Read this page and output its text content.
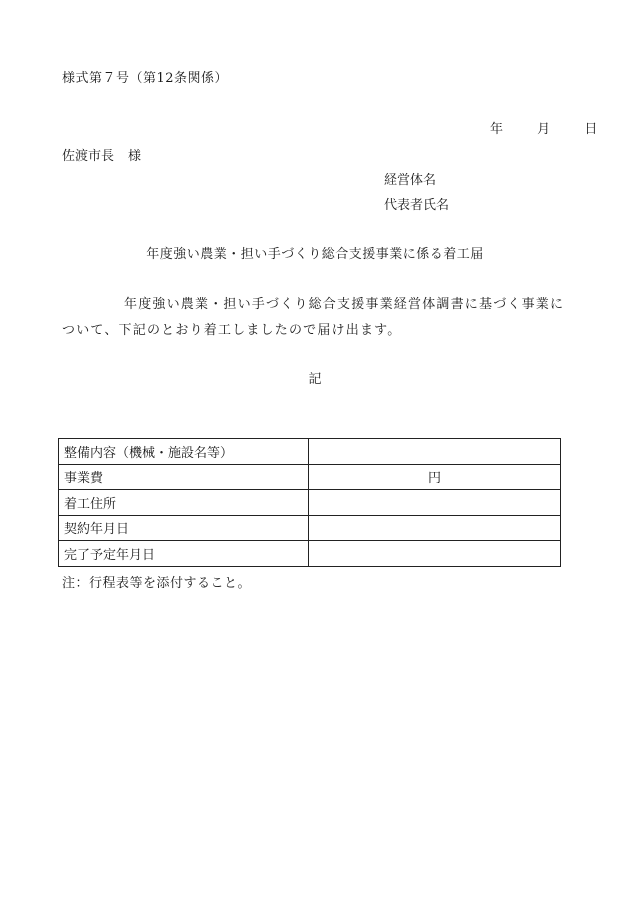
様式第７号（第12条関係）
年	月	日
佐渡市長 様
経営体名
代表者氏名
年度強い農業・担い手づくり総合支援事業に係る着工届
年度強い農業・担い手づくり総合支援事業経営体調書に基づく事業について、下記のとおり着工しましたので届け出ます。
記
整備内容（機械・施設名等）	
事業費	円
着工住所	
契約年月日	
完了予定年月日	
注：行程表等を添付すること。
